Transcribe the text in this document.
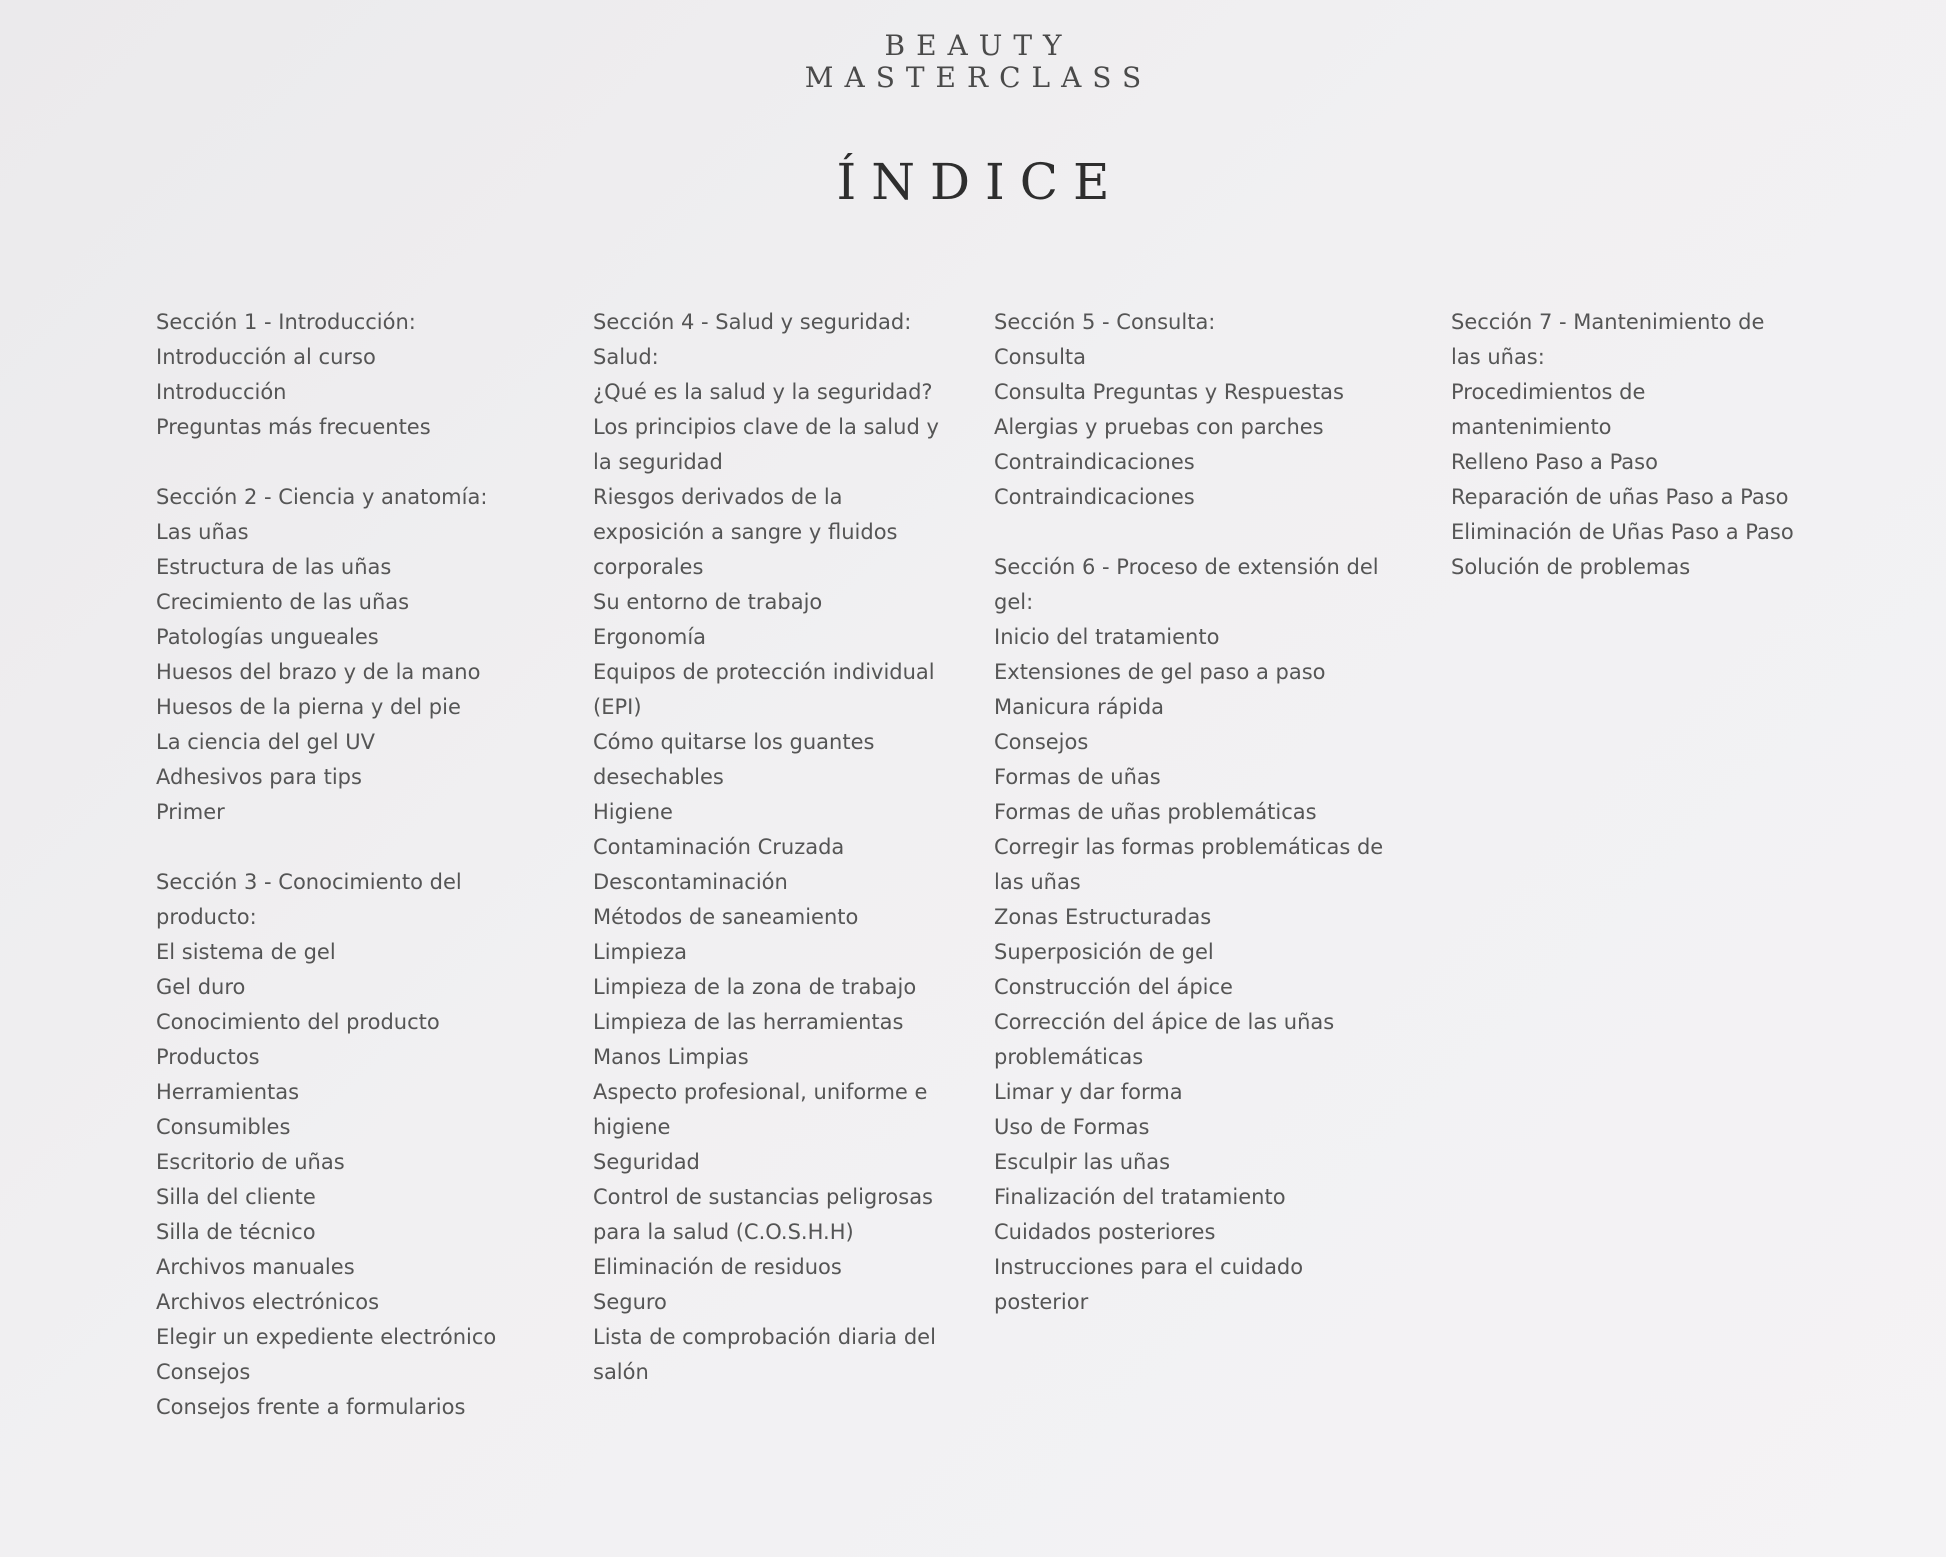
BEAUTY
MASTERCLASS
ÍNDICE
Sección 1 - Introducción:
Introducción al curso
Introducción
Preguntas más frecuentes
Sección 2 - Ciencia y anatomía:
Las uñas
Estructura de las uñas
Crecimiento de las uñas
Patologías ungueales
Huesos del brazo y de la mano
Huesos de la pierna y del pie
La ciencia del gel UV
Adhesivos para tips
Primer
Sección 3 - Conocimiento del
producto:
El sistema de gel
Gel duro
Conocimiento del producto
Productos
Herramientas
Consumibles
Escritorio de uñas
Silla del cliente
Silla de técnico
Archivos manuales
Archivos electrónicos
Elegir un expediente electrónico
Consejos
Consejos frente a formularios
Sección 4 - Salud y seguridad:
Salud:
¿Qué es la salud y la seguridad?
Los principios clave de la salud y
la seguridad
Riesgos derivados de la
exposición a sangre y fluidos
corporales
Su entorno de trabajo
Ergonomía
Equipos de protección individual
(EPI)
Cómo quitarse los guantes
desechables
Higiene
Contaminación Cruzada
Descontaminación
Métodos de saneamiento
Limpieza
Limpieza de la zona de trabajo
Limpieza de las herramientas
Manos Limpias
Aspecto profesional, uniforme e
higiene
Seguridad
Control de sustancias peligrosas
para la salud (C.O.S.H.H)
Eliminación de residuos
Seguro
Lista de comprobación diaria del
salón
Sección 5 - Consulta:
Consulta
Consulta Preguntas y Respuestas
Alergias y pruebas con parches
Contraindicaciones
Contraindicaciones
Sección 6 - Proceso de extensión del
gel:
Inicio del tratamiento
Extensiones de gel paso a paso
Manicura rápida
Consejos
Formas de uñas
Formas de uñas problemáticas
Corregir las formas problemáticas de
las uñas
Zonas Estructuradas
Superposición de gel
Construcción del ápice
Corrección del ápice de las uñas
problemáticas
Limar y dar forma
Uso de Formas
Esculpir las uñas
Finalización del tratamiento
Cuidados posteriores
Instrucciones para el cuidado
posterior
Sección 7 - Mantenimiento de
las uñas:
Procedimientos de
mantenimiento
Relleno Paso a Paso
Reparación de uñas Paso a Paso
Eliminación de Uñas Paso a Paso
Solución de problemas
